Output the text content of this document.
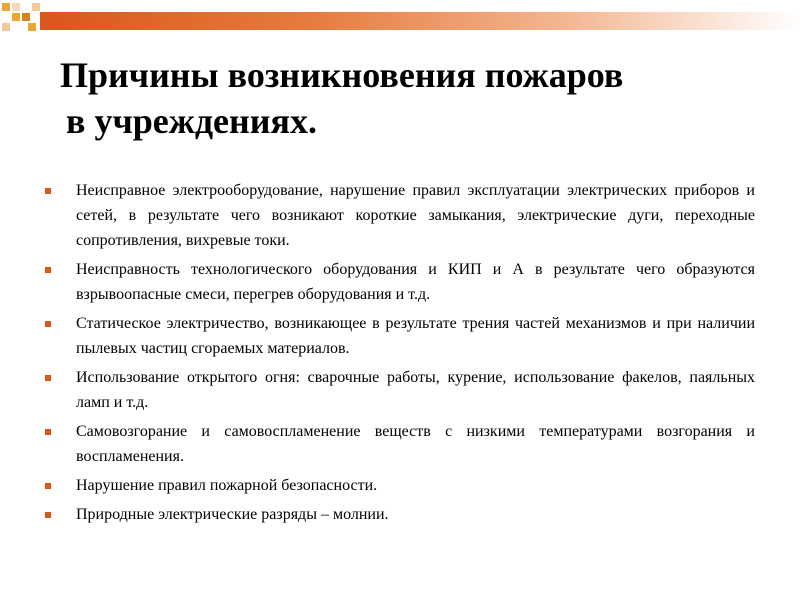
Причины возникновения пожаров
в учреждениях.
Неисправное электрооборудование, нарушение правил эксплуатации электрических приборов и сетей, в результате чего возникают короткие замыкания, электрические дуги, переходные сопротивления, вихревые токи.
Неисправность технологического оборудования и КИП и А в результате чего образуются взрывоопасные смеси, перегрев оборудования и т.д.
Статическое электричество, возникающее в результате трения частей механизмов и при наличии пылевых частиц сгораемых материалов.
Использование открытого огня: сварочные работы, курение, использование факелов, паяльных ламп и т.д.
Самовозгорание и самовоспламенение веществ с низкими температурами возгорания и воспламенения.
Нарушение правил пожарной безопасности.
Природные электрические разряды – молнии.
